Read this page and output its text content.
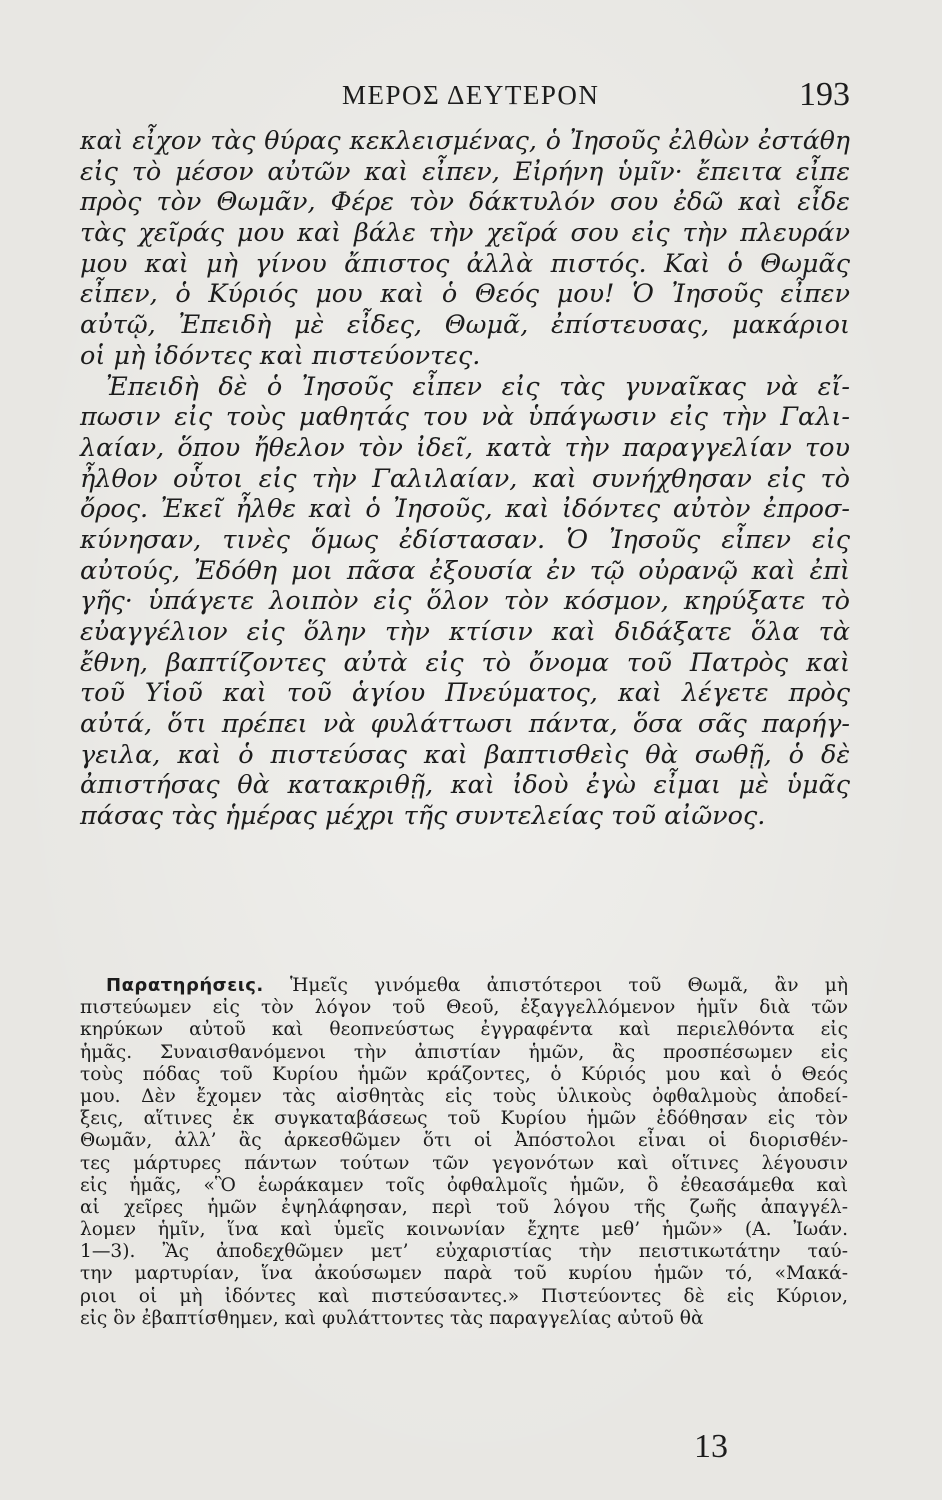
ΜΕΡΟΣ ΔΕΥΤΕΡΟΝ	193
καὶ εἶχον τὰς θύρας κεκλεισμένας, ὁ Ἰησοῦς ἐλθὼν ἐστάθη
εἰς τὸ μέσον αὐτῶν καὶ εἶπεν, Εἰρήνη ὑμῖν· ἔπειτα εἶπε
πρὸς τὸν Θωμᾶν, Φέρε τὸν δάκτυλόν σου ἐδῶ καὶ εἶδε
τὰς χεῖράς μου καὶ βάλε τὴν χεῖρά σου εἰς τὴν πλευράν
μου καὶ μὴ γίνου ἄπιστος ἀλλὰ πιστός. Καὶ ὁ Θωμᾶς
εἶπεν, ὁ Κύριός μου καὶ ὁ Θεός μου! Ὁ Ἰησοῦς εἶπεν
αὐτῷ, Ἐπειδὴ μὲ εἶδες, Θωμᾶ, ἐπίστευσας, μακάριοι
οἱ μὴ ἰδόντες καὶ πιστεύοντες.
Ἐπειδὴ δὲ ὁ Ἰησοῦς εἶπεν εἰς τὰς γυναῖκας νὰ εἴ-
πωσιν εἰς τοὺς μαθητάς του νὰ ὑπάγωσιν εἰς τὴν Γαλι-
λαίαν, ὅπου ἤθελον τὸν ἰδεῖ, κατὰ τὴν παραγγελίαν του
ἦλθον οὗτοι εἰς τὴν Γαλιλαίαν, καὶ συνήχθησαν εἰς τὸ
ὄρος. Ἐκεῖ ἦλθε καὶ ὁ Ἰησοῦς, καὶ ἰδόντες αὐτὸν ἐπροσ-
κύνησαν, τινὲς ὅμως ἐδίστασαν. Ὁ Ἰησοῦς εἶπεν εἰς
αὐτούς, Ἐδόθη μοι πᾶσα ἐξουσία ἐν τῷ οὐρανῷ καὶ ἐπὶ
γῆς· ὑπάγετε λοιπὸν εἰς ὅλον τὸν κόσμον, κηρύξατε τὸ
εὐαγγέλιον εἰς ὅλην τὴν κτίσιν καὶ διδάξατε ὅλα τὰ
ἔθνη, βαπτίζοντες αὐτὰ εἰς τὸ ὄνομα τοῦ Πατρὸς καὶ
τοῦ Υἱοῦ καὶ τοῦ ἁγίου Πνεύματος, καὶ λέγετε πρὸς
αὐτά, ὅτι πρέπει νὰ φυλάττωσι πάντα, ὅσα σᾶς παρήγ-
γειλα, καὶ ὁ πιστεύσας καὶ βαπτισθεὶς θὰ σωθῇ, ὁ δὲ
ἀπιστήσας θὰ κατακριθῇ, καὶ ἰδοὺ ἐγὼ εἶμαι μὲ ὑμᾶς
πάσας τὰς ἡμέρας μέχρι τῆς συντελείας τοῦ αἰῶνος.
Παρατηρήσεις. Ἡμεῖς γινόμεθα ἀπιστότεροι τοῦ Θωμᾶ, ἂν μὴ
πιστεύωμεν εἰς τὸν λόγον τοῦ Θεοῦ, ἐξαγγελλόμενον ἡμῖν διὰ τῶν
κηρύκων αὐτοῦ καὶ θεοπνεύστως ἐγγραφέντα καὶ περιελθόντα εἰς
ἡμᾶς. Συναισθανόμενοι τὴν ἀπιστίαν ἡμῶν, ἂς προσπέσωμεν εἰς
τοὺς πόδας τοῦ Κυρίου ἡμῶν κράζοντες, ὁ Κύριός μου καὶ ὁ Θεός
μου. Δὲν ἔχομεν τὰς αἰσθητὰς εἰς τοὺς ὑλικοὺς ὀφθαλμοὺς ἀποδεί-
ξεις, αἵτινες ἐκ συγκαταβάσεως τοῦ Κυρίου ἡμῶν ἐδόθησαν εἰς τὸν
Θωμᾶν, ἀλλ’ ἂς ἀρκεσθῶμεν ὅτι οἱ Ἀπόστολοι εἶναι οἱ διορισθέν-
τες μάρτυρες πάντων τούτων τῶν γεγονότων καὶ οἵτινες λέγουσιν
εἰς ἡμᾶς, «Ὃ ἑωράκαμεν τοῖς ὀφθαλμοῖς ἡμῶν, ὃ ἐθεασάμεθα καὶ
αἱ χεῖρες ἡμῶν ἐψηλάφησαν, περὶ τοῦ λόγου τῆς ζωῆς ἀπαγγέλ-
λομεν ἡμῖν, ἵνα καὶ ὑμεῖς κοινωνίαν ἔχητε μεθ’ ἡμῶν» (Α. Ἰωάν.
1—3). Ἂς ἀποδεχθῶμεν μετ’ εὐχαριστίας τὴν πειστικωτάτην ταύ-
την μαρτυρίαν, ἵνα ἀκούσωμεν παρὰ τοῦ κυρίου ἡμῶν τό, «Μακά-
ριοι οἱ μὴ ἰδόντες καὶ πιστεύσαντες.» Πιστεύοντες δὲ εἰς Κύριον,
εἰς ὃν ἐβαπτίσθημεν, καὶ φυλάττοντες τὰς παραγγελίας αὐτοῦ θὰ
13
